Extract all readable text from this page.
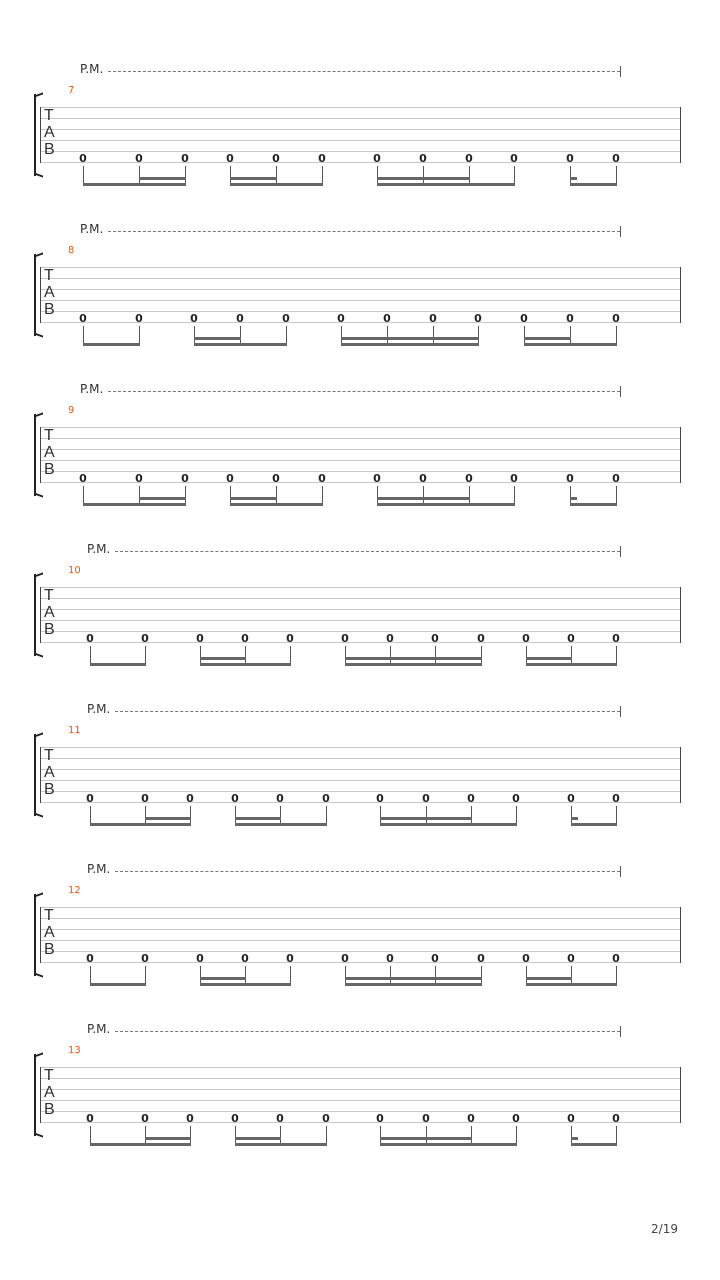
P.M.
7
T
A
B
0	0	0	0	0	0	0	0	0	0	0	0
P.M.
8
T
A
B
0	0	0	0	0	0	0	0	0	0	0	0
P.M.
9
T
A
B
0	0	0	0	0	0	0	0	0	0	0	0
P.M.
10
T
A
B
0	0	0	0	0	0	0	0	0	0	0	0
P.M.
11
T
A
B
0	0	0	0	0	0	0	0	0	0	0	0
P.M.
12
T
A
B
0	0	0	0	0	0	0	0	0	0	0	0
P.M.
13
T
A
B
0	0	0	0	0	0	0	0	0	0	0	0
2/19
